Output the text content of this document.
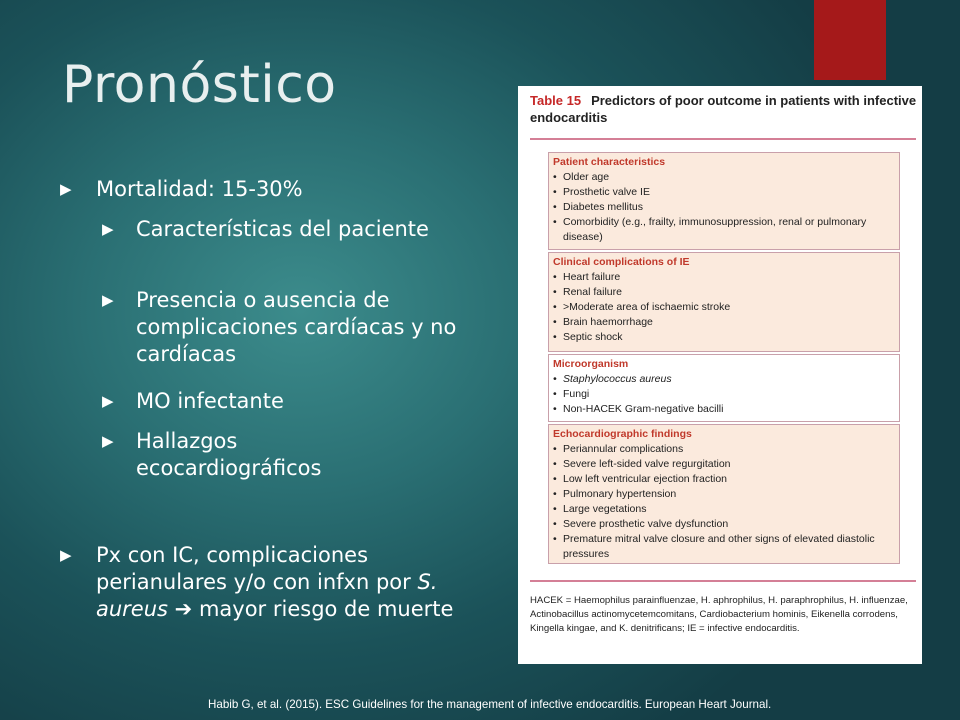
Pronóstico
▶	Mortalidad: 15-30%
▶	Características del paciente
▶	Presencia o ausencia de complicaciones cardíacas y no cardíacas
▶	MO infectante
▶	Hallazgos ecocardiográficos
▶	Px con IC, complicaciones perianulares y/o con infxn por S. aureus ➔ mayor riesgo de muerte
Table 15 Predictors of poor outcome in patients with infective endocarditis
Patient characteristics
• Older age
• Prosthetic valve IE
• Diabetes mellitus
• Comorbidity (e.g., frailty, immunosuppression, renal or pulmonary disease)
Clinical complications of IE
• Heart failure
• Renal failure
• >Moderate area of ischaemic stroke
• Brain haemorrhage
• Septic shock
Microorganism
• Staphylococcus aureus
• Fungi
• Non-HACEK Gram-negative bacilli
Echocardiographic findings
• Periannular complications
• Severe left-sided valve regurgitation
• Low left ventricular ejection fraction
• Pulmonary hypertension
• Large vegetations
• Severe prosthetic valve dysfunction
• Premature mitral valve closure and other signs of elevated diastolic pressures
HACEK = Haemophilus parainfluenzae, H. aphrophilus, H. paraphrophilus, H. influenzae, Actinobacillus actinomycetemcomitans, Cardiobacterium hominis, Eikenella corrodens, Kingella kingae, and K. denitrificans; IE = infective endocarditis.
Habib G, et al. (2015). ESC Guidelines for the management of infective endocarditis. European Heart Journal.
